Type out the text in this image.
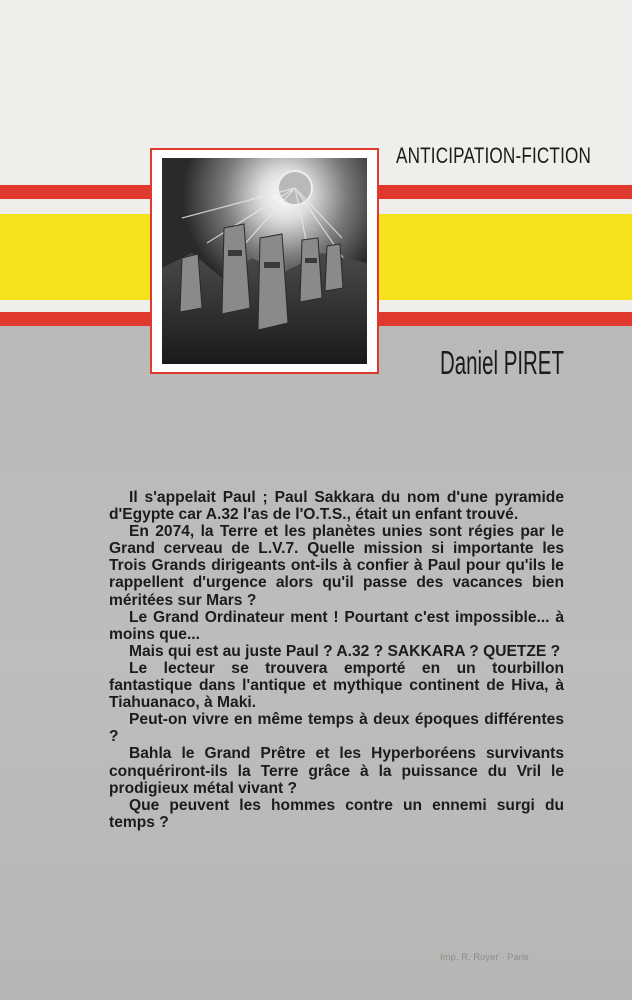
ANTICIPATION-FICTION
Daniel PIRET

Il s'appelait Paul ; Paul Sakkara du nom d'une pyramide d'Egypte car A.32 l'as de l'O.T.S., était un enfant trouvé.

En 2074, la Terre et les planètes unies sont régies par le Grand cerveau de L.V.7. Quelle mission si importante les Trois Grands dirigeants ont-ils à confier à Paul pour qu'ils le rappellent d'urgence alors qu'il passe des vacances bien méritées sur Mars ?

Le Grand Ordinateur ment ! Pourtant c'est impossible... à moins que...

Mais qui est au juste Paul ? A.32 ? SAKKARA ? QUETZE ?

Le lecteur se trouvera emporté en un tourbillon fantastique dans l'antique et mythique continent de Hiva, à Tiahuanaco, à Maki.

Peut-on vivre en même temps à deux époques différentes ?

Bahla le Grand Prêtre et les Hyperboréens survivants conquériront-ils la Terre grâce à la puissance du Vril le prodigieux métal vivant ?

Que peuvent les hommes contre un ennemi surgi du temps ?

Imp. R. Royer · Paris
